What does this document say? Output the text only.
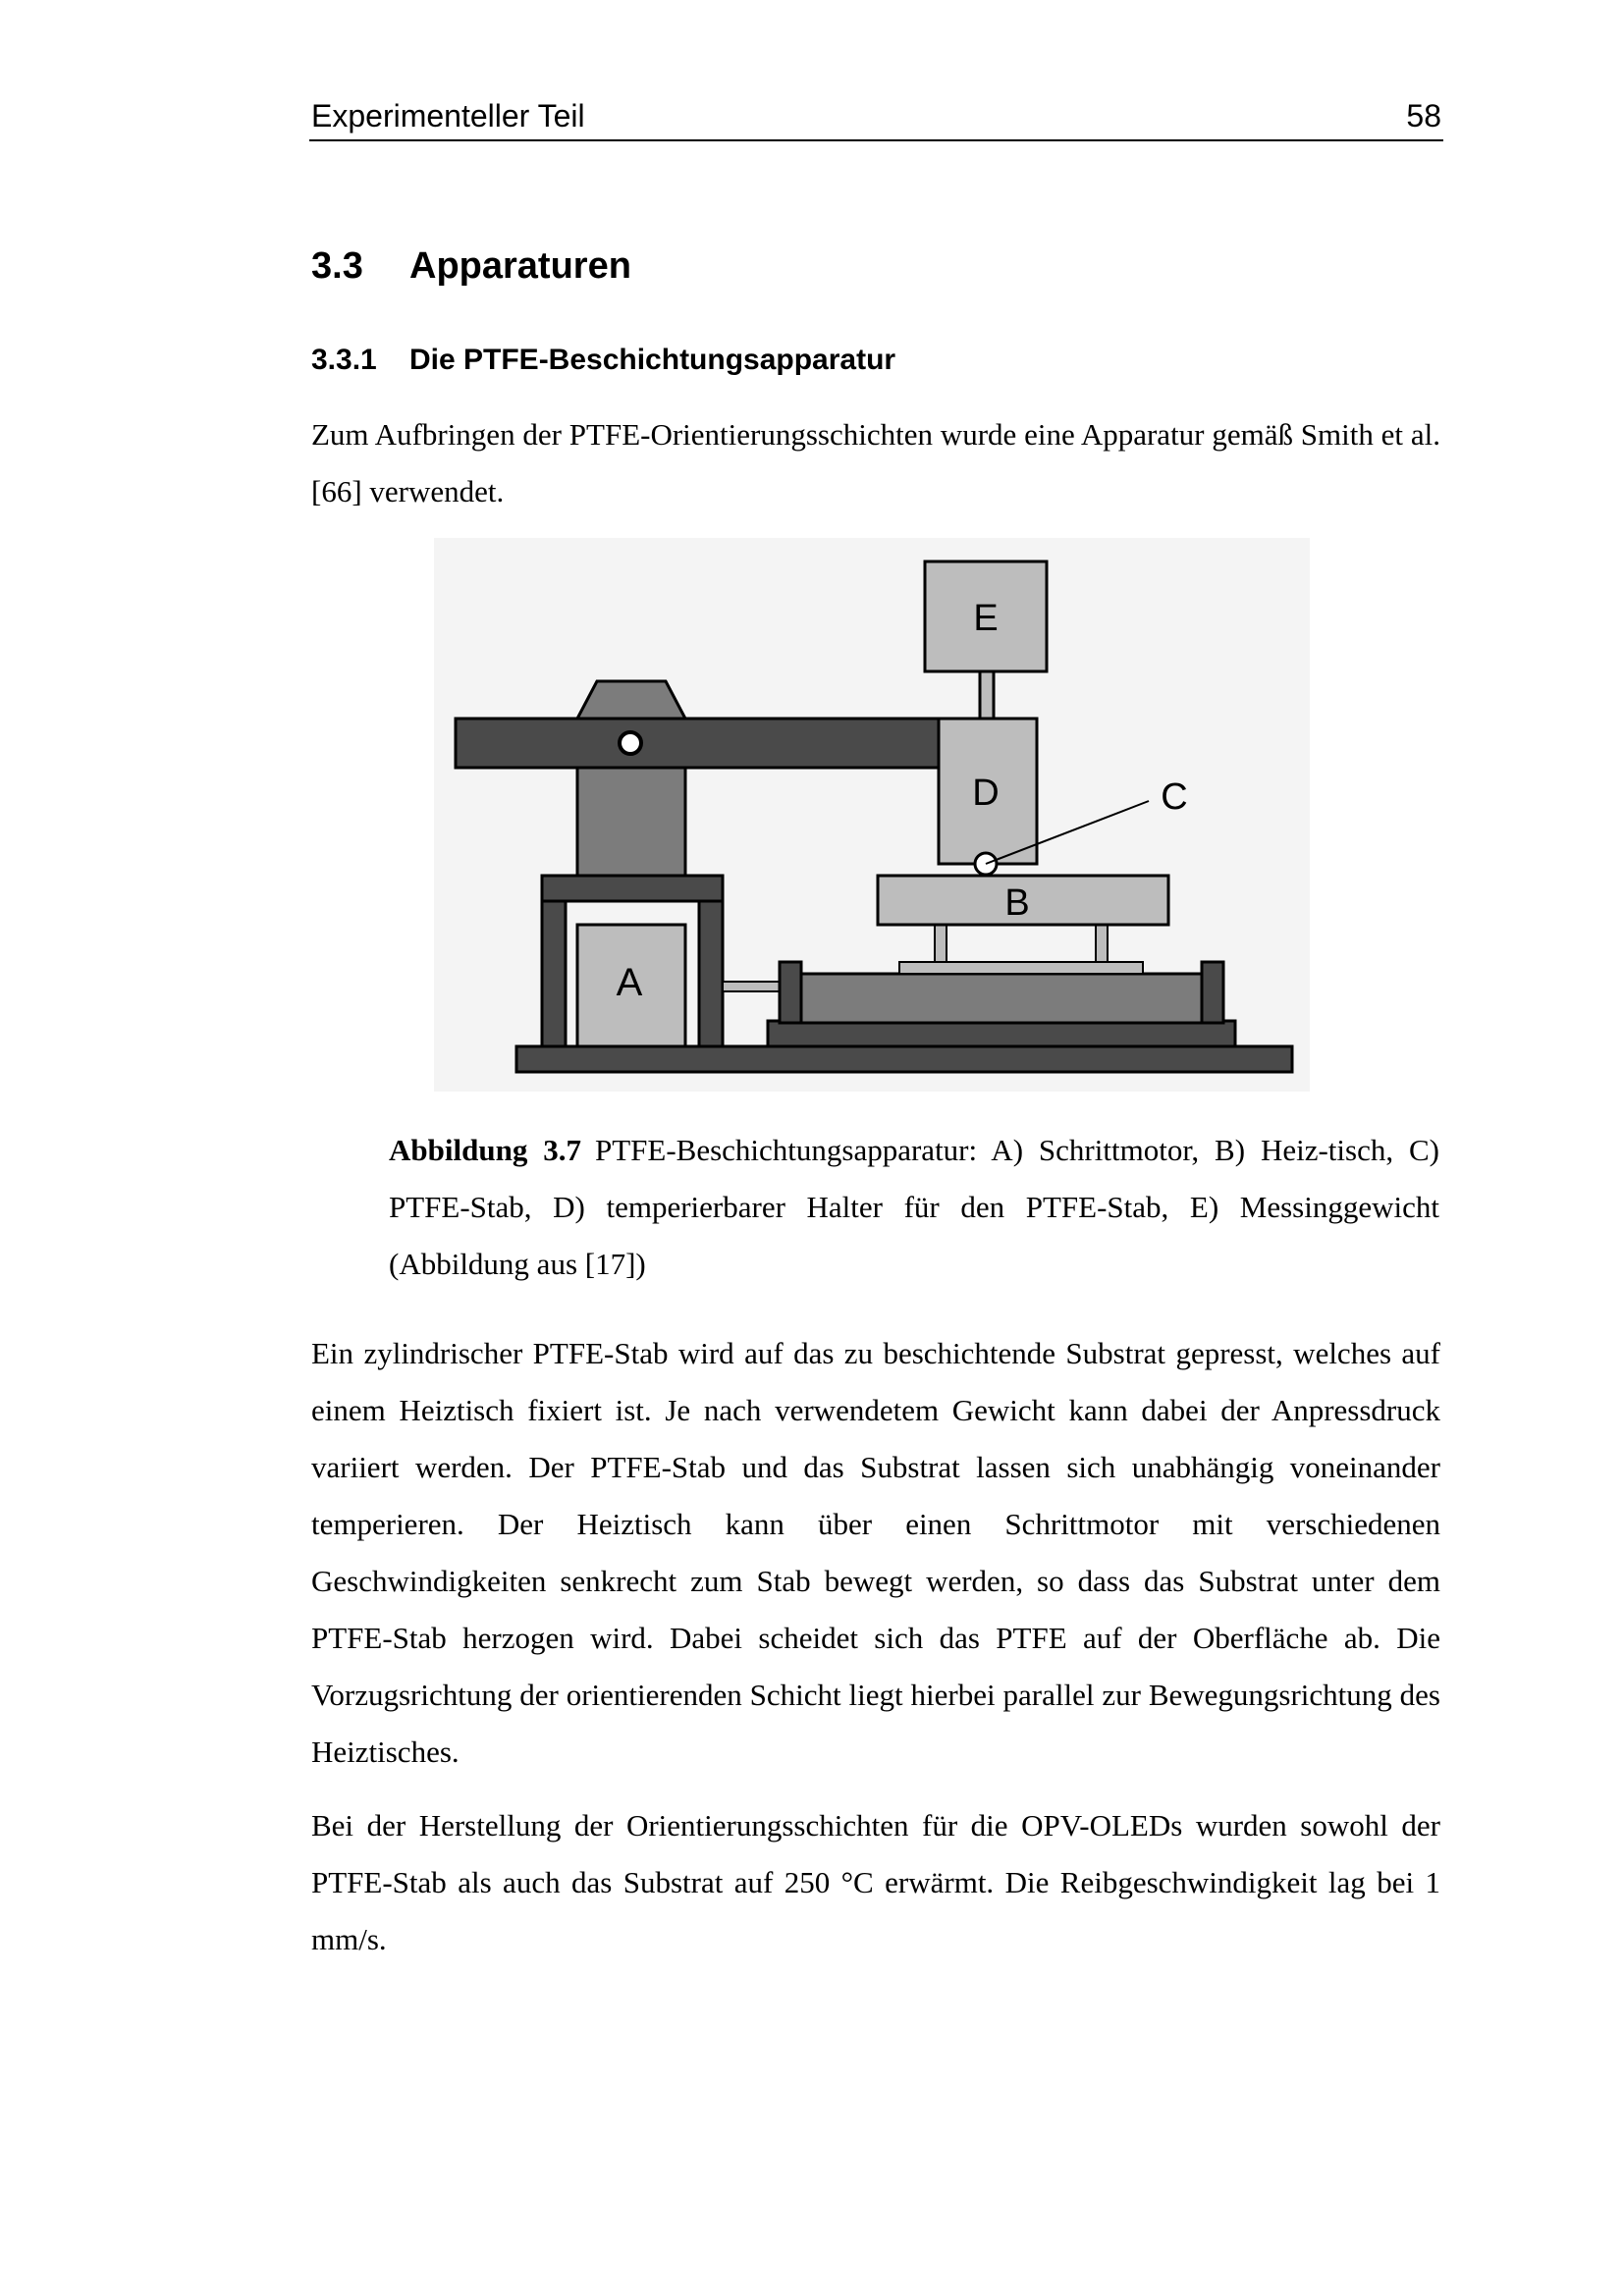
Experimenteller Teil	58
3.3 Apparaturen
3.3.1 Die PTFE-Beschichtungsapparatur

Zum Aufbringen der PTFE-Orientierungsschichten wurde eine Apparatur gemäß Smith et al. [66] verwendet.

A
B
D	C
E

Abbildung 3.7 PTFE-Beschichtungsapparatur: A) Schrittmotor, B) Heiz-tisch, C) PTFE-Stab, D) temperierbarer Halter für den PTFE-Stab, E) Messinggewicht (Abbildung aus [17])

Ein zylindrischer PTFE-Stab wird auf das zu beschichtende Substrat gepresst, welches auf einem Heiztisch fixiert ist. Je nach verwendetem Gewicht kann dabei der Anpressdruck variiert werden. Der PTFE-Stab und das Substrat lassen sich unabhängig voneinander temperieren. Der Heiztisch kann über einen Schrittmotor mit verschiedenen Geschwindigkeiten senkrecht zum Stab bewegt werden, so dass das Substrat unter dem PTFE-Stab herzogen wird. Dabei scheidet sich das PTFE auf der Oberfläche ab. Die Vorzugsrichtung der orientierenden Schicht liegt hierbei parallel zur Bewegungsrichtung des Heiztisches.

Bei der Herstellung der Orientierungsschichten für die OPV-OLEDs wurden sowohl der PTFE-Stab als auch das Substrat auf 250 °C erwärmt. Die Reibgeschwindigkeit lag bei 1 mm/s.
